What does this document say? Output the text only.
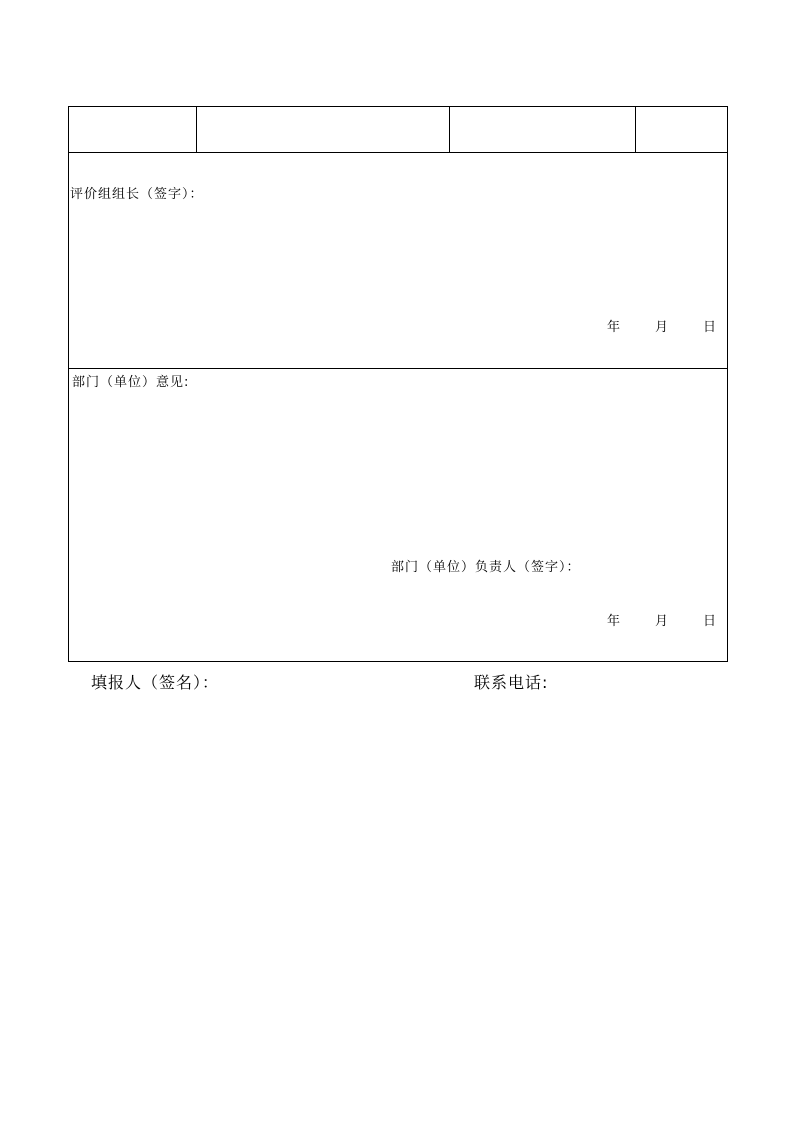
评价组组长（签字）：
年	月	日
部门（单位）意见:
部门（单位）负责人（签字）：
年	月	日
填报人（签名）：	联系电话:
